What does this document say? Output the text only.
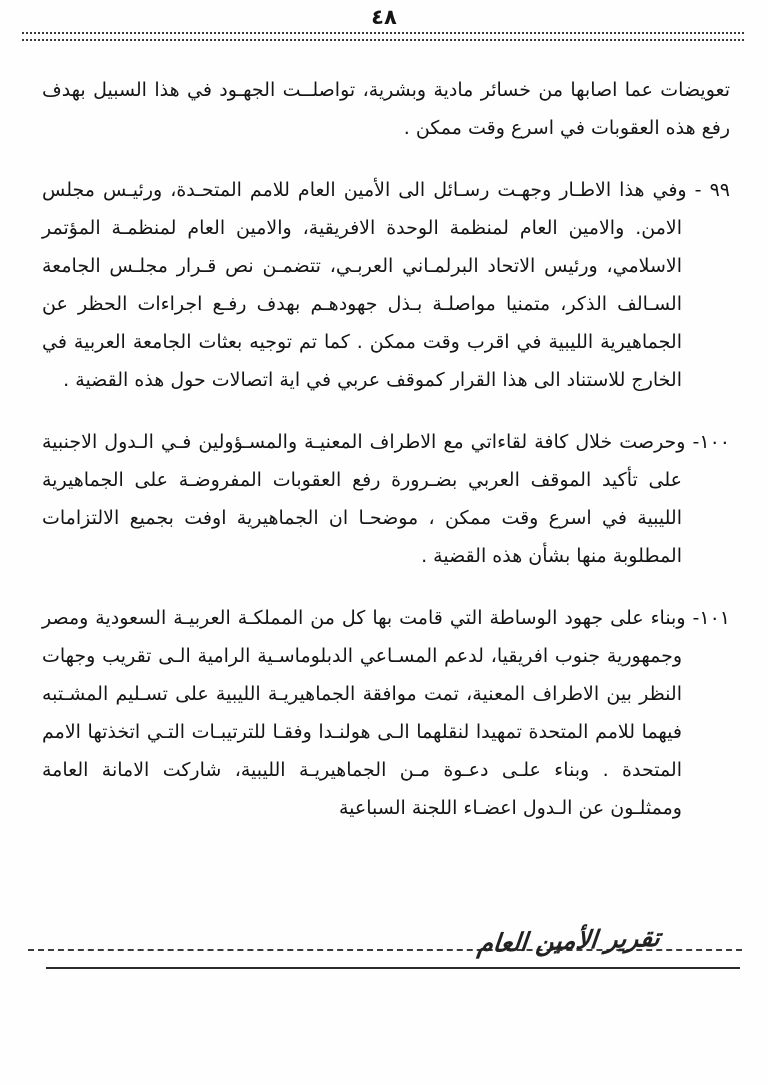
٤٨

تعويضات عما اصابها من خسائر مادية وبشرية، تواصلــت الجهـود في هذا السبيل بهدف رفع هذه العقوبات في اسرع وقت ممكن .

٩٩ - وفي هذا الاطـار وجهـت رسـائل الى الأمين العام للامم المتحـدة، ورئيـس مجلس الامن. والامين العام لمنظمة الوحدة الافريقية، والامين العام لمنظمـة المؤتمر الاسلامي، ورئيس الاتحاد البرلمـاني العربـي، تتضمـن نص قـرار مجلـس الجامعة السـالف الذكر، متمنيا مواصلـة بـذل جهودهـم بهدف رفـع اجراءات الحظر عن الجماهيرية الليبية في اقرب وقت ممكن . كما تم توجيه بعثات الجامعة العربية في الخارج للاستناد الى هذا القرار كموقف عربي في اية اتصالات حول هذه القضية .

١٠٠- وحرصت خلال كافة لقاءاتي مع الاطراف المعنيـة والمسـؤولين فـي الـدول الاجنبية على تأكيد الموقف العربي بضـرورة رفع العقوبات المفروضـة على الجماهيرية الليبية في اسرع وقت ممكن ، موضحـا ان الجماهيرية اوفت بجميع الالتزامات المطلوبة منها بشأن هذه القضية .

١٠١- وبناء على جهود الوساطة التي قامت بها كل من المملكـة العربيـة السعودية ومصر وجمهورية جنوب افريقيا، لدعم المسـاعي الدبلوماسـية الرامية الـى تقريب وجهات النظر بين الاطراف المعنية، تمت موافقة الجماهيريـة الليبية على تسـليم المشـتبه فيهما للامم المتحدة تمهيدا لنقلهما الـى هولنـدا وفقـا للترتيبـات التـي اتخذتها الامم المتحدة . وبناء علـى دعـوة مـن الجماهيريـة الليبية، شاركت الامانة العامة وممثلـون عن الـدول اعضـاء اللجنة السباعية

تقرير الأمين العام
